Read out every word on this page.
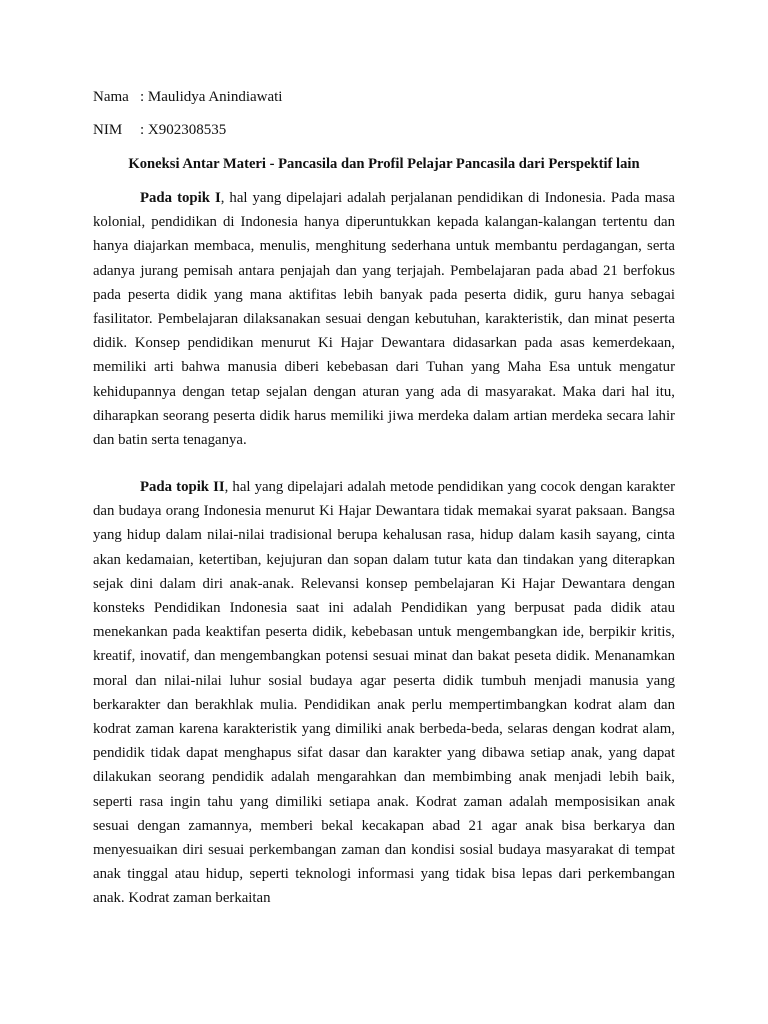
Nama : Maulidya Anindiawati
NIM : X902308535
Koneksi Antar Materi - Pancasila dan Profil Pelajar Pancasila dari Perspektif lain

Pada topik I, hal yang dipelajari adalah perjalanan pendidikan di Indonesia. Pada masa kolonial, pendidikan di Indonesia hanya diperuntukkan kepada kalangan-kalangan tertentu dan hanya diajarkan membaca, menulis, menghitung sederhana untuk membantu perdagangan, serta adanya jurang pemisah antara penjajah dan yang terjajah. Pembelajaran pada abad 21 berfokus pada peserta didik yang mana aktifitas lebih banyak pada peserta didik, guru hanya sebagai fasilitator. Pembelajaran dilaksanakan sesuai dengan kebutuhan, karakteristik, dan minat peserta didik. Konsep pendidikan menurut Ki Hajar Dewantara didasarkan pada asas kemerdekaan, memiliki arti bahwa manusia diberi kebebasan dari Tuhan yang Maha Esa untuk mengatur kehidupannya dengan tetap sejalan dengan aturan yang ada di masyarakat. Maka dari hal itu, diharapkan seorang peserta didik harus memiliki jiwa merdeka dalam artian merdeka secara lahir dan batin serta tenaganya.

Pada topik II, hal yang dipelajari adalah metode pendidikan yang cocok dengan karakter dan budaya orang Indonesia menurut Ki Hajar Dewantara tidak memakai syarat paksaan. Bangsa yang hidup dalam nilai-nilai tradisional berupa kehalusan rasa, hidup dalam kasih sayang, cinta akan kedamaian, ketertiban, kejujuran dan sopan dalam tutur kata dan tindakan yang diterapkan sejak dini dalam diri anak-anak. Relevansi konsep pembelajaran Ki Hajar Dewantara dengan konsteks Pendidikan Indonesia saat ini adalah Pendidikan yang berpusat pada didik atau menekankan pada keaktifan peserta didik, kebebasan untuk mengembangkan ide, berpikir kritis, kreatif, inovatif, dan mengembangkan potensi sesuai minat dan bakat peseta didik. Menanamkan moral dan nilai-nilai luhur sosial budaya agar peserta didik tumbuh menjadi manusia yang berkarakter dan berakhlak mulia. Pendidikan anak perlu mempertimbangkan kodrat alam dan kodrat zaman karena karakteristik yang dimiliki anak berbeda-beda, selaras dengan kodrat alam, pendidik tidak dapat menghapus sifat dasar dan karakter yang dibawa setiap anak, yang dapat dilakukan seorang pendidik adalah mengarahkan dan membimbing anak menjadi lebih baik, seperti rasa ingin tahu yang dimiliki setiapa anak. Kodrat zaman adalah memposisikan anak sesuai dengan zamannya, memberi bekal kecakapan abad 21 agar anak bisa berkarya dan menyesuaikan diri sesuai perkembangan zaman dan kondisi sosial budaya masyarakat di tempat anak tinggal atau hidup, seperti teknologi informasi yang tidak bisa lepas dari perkembangan anak. Kodrat zaman berkaitan
